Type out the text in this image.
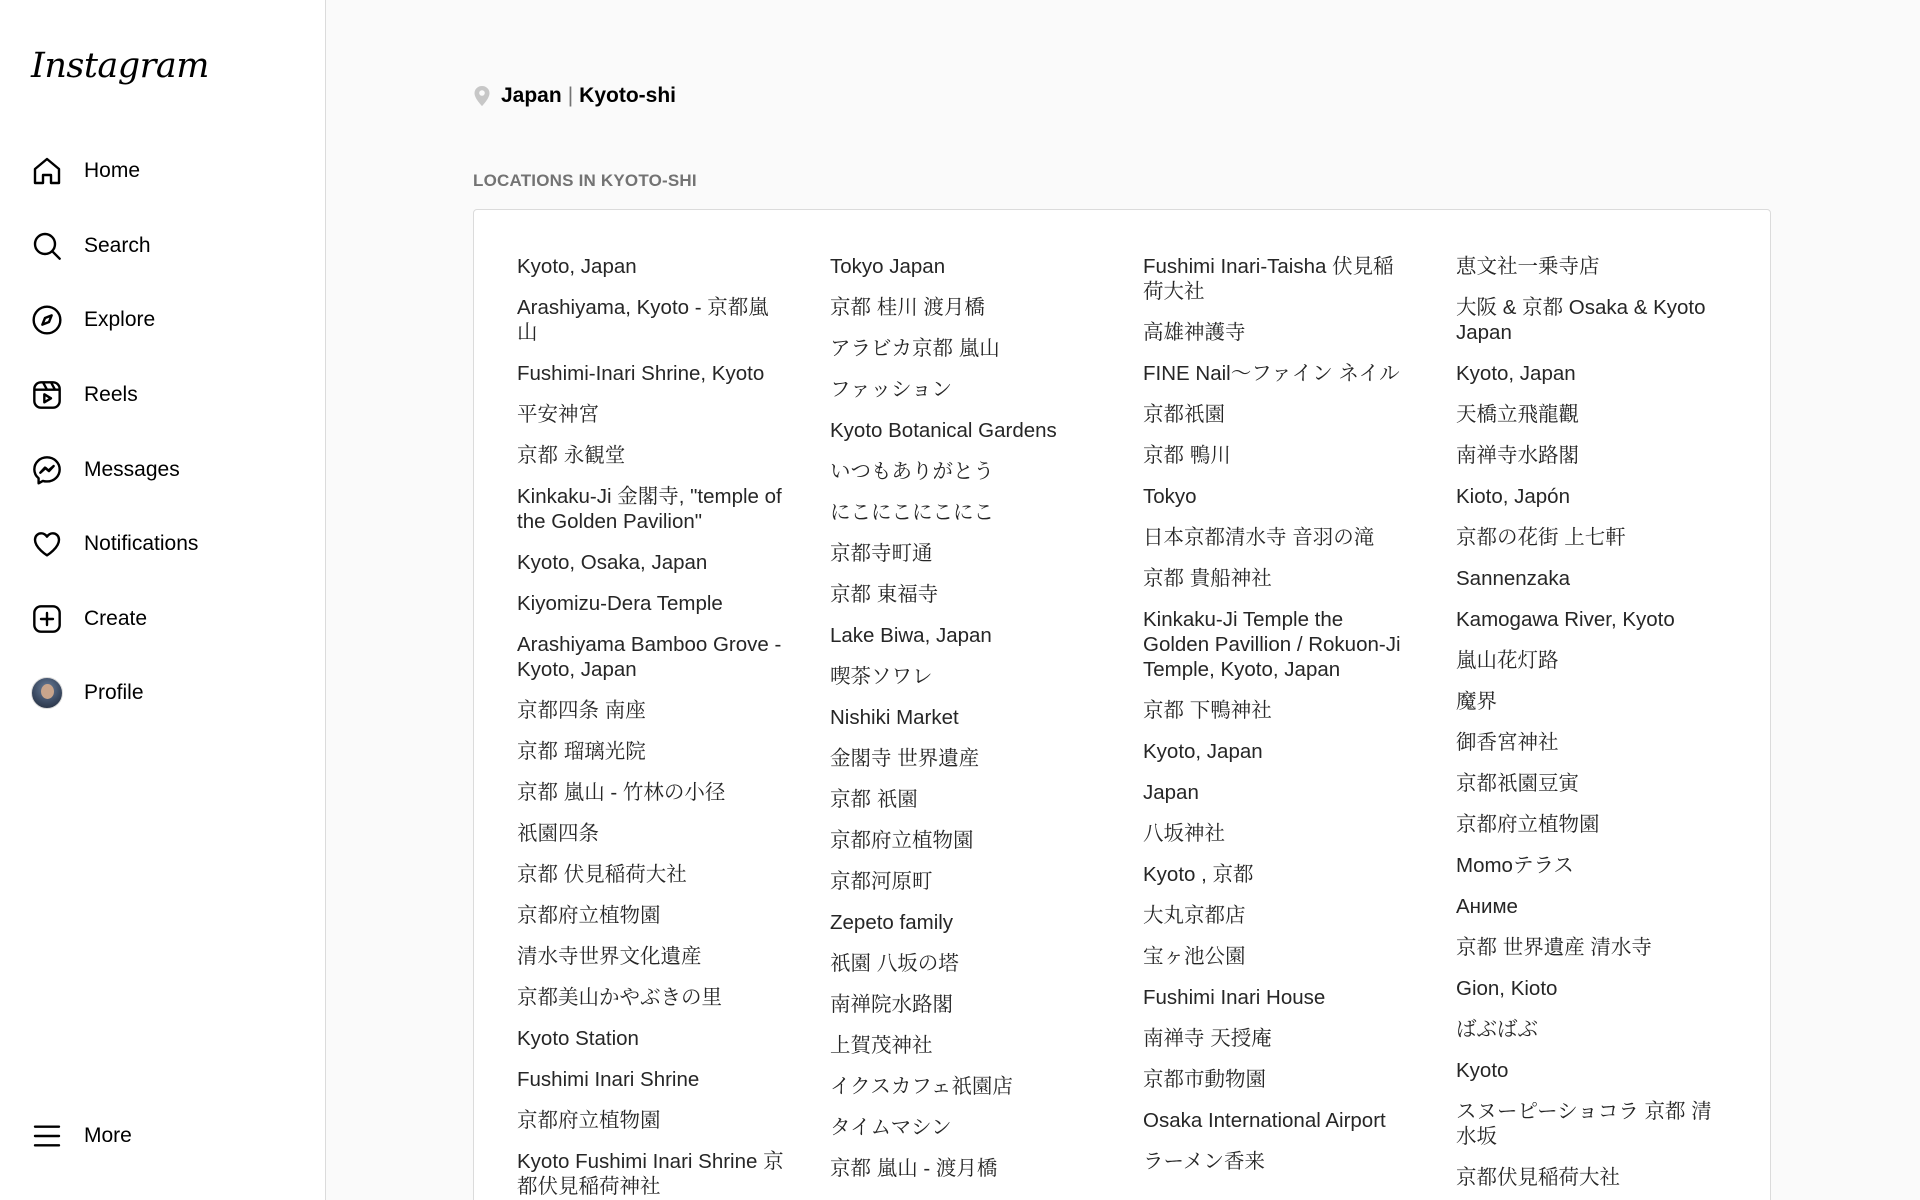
Instagram
Home
Search
Explore
Reels
Messages
Notifications
Create
Profile
More
Japan | Kyoto-shi
LOCATIONS IN KYOTO-SHI
Kyoto, Japan
Arashiyama, Kyoto - 京都嵐山
Fushimi-Inari Shrine, Kyoto
平安神宮
京都 永観堂
Kinkaku-Ji 金閣寺, "temple of the Golden Pavilion"
Kyoto, Osaka, Japan
Kiyomizu-Dera Temple
Arashiyama Bamboo Grove - Kyoto, Japan
京都四条 南座
京都 瑠璃光院
京都 嵐山 - 竹林の小径
祇園四条
京都 伏見稲荷大社
京都府立植物園
清水寺世界文化遺産
京都美山かやぶきの里
Kyoto Station
Fushimi Inari Shrine
京都府立植物園
Kyoto Fushimi Inari Shrine 京都伏見稲荷神社
Tokyo Japan
京都 桂川 渡月橋
アラビカ京都 嵐山
ファッション
Kyoto Botanical Gardens
いつもありがとう
にこにこにこにこ
京都寺町通
京都 東福寺
Lake Biwa, Japan
喫茶ソワレ
Nishiki Market
金閣寺 世界遺産
京都 祇園
京都府立植物園
京都河原町
Zepeto family
祇園 八坂の塔
南禅院水路閣
上賀茂神社
イクスカフェ祇園店
タイムマシン
京都 嵐山 - 渡月橋
Fushimi Inari-Taisha 伏見稲荷大社
高雄神護寺
FINE Nail〜ファイン ネイル
京都祇園
京都 鴨川
Tokyo
日本京都清水寺 音羽の滝
京都 貴船神社
Kinkaku-Ji Temple the Golden Pavillion / Rokuon-Ji Temple, Kyoto, Japan
京都 下鴨神社
Kyoto, Japan
Japan
八坂神社
Kyoto , 京都
大丸京都店
宝ヶ池公園
Fushimi Inari House
南禅寺 天授庵
京都市動物園
Osaka International Airport
ラーメン香来
恵文社一乗寺店
大阪 & 京都 Osaka & Kyoto Japan
Kyoto, Japan
天橋立飛龍觀
南禅寺水路閣
Kioto, Japón
京都の花街 上七軒
Sannenzaka
Kamogawa River, Kyoto
嵐山花灯路
魔界
御香宮神社
京都祇園豆寅
京都府立植物園
Momoテラス
Аниме
京都 世界遺産 清水寺
Gion, Kioto
ばぶばぶ
Kyoto
スヌーピーショコラ 京都 清水坂
京都伏見稲荷大社
